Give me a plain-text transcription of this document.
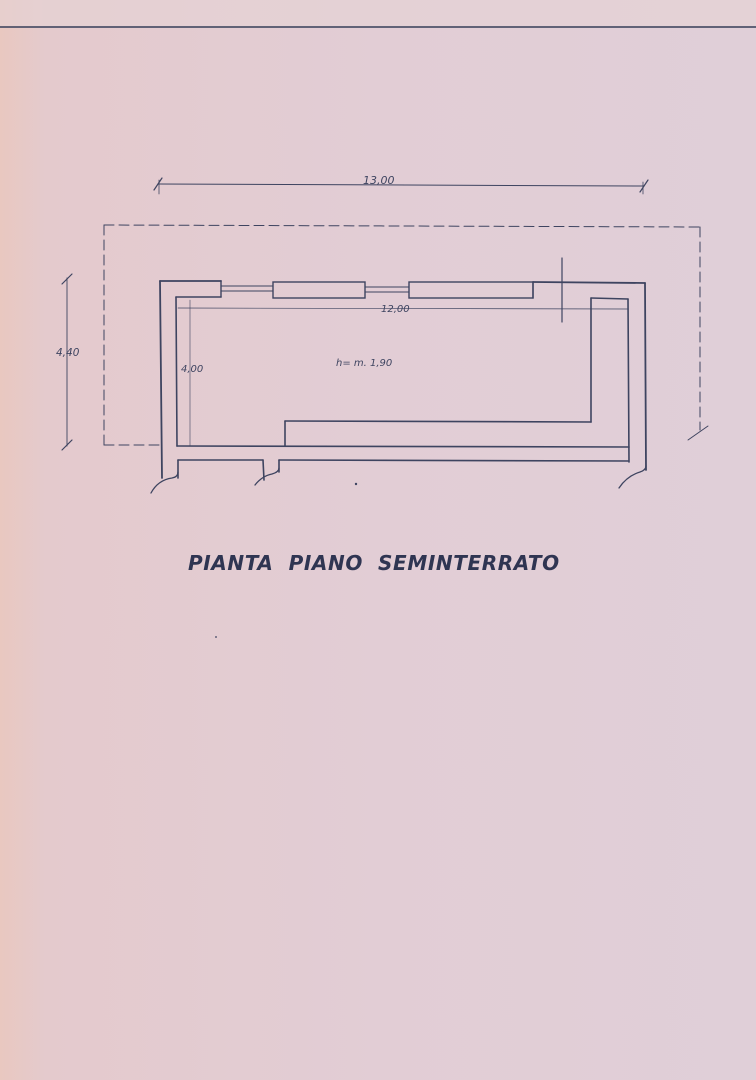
13,00
12,00
4,40
4,00
h= m. 1,90
PIANTA  PIANO  SEMINTERRATO
